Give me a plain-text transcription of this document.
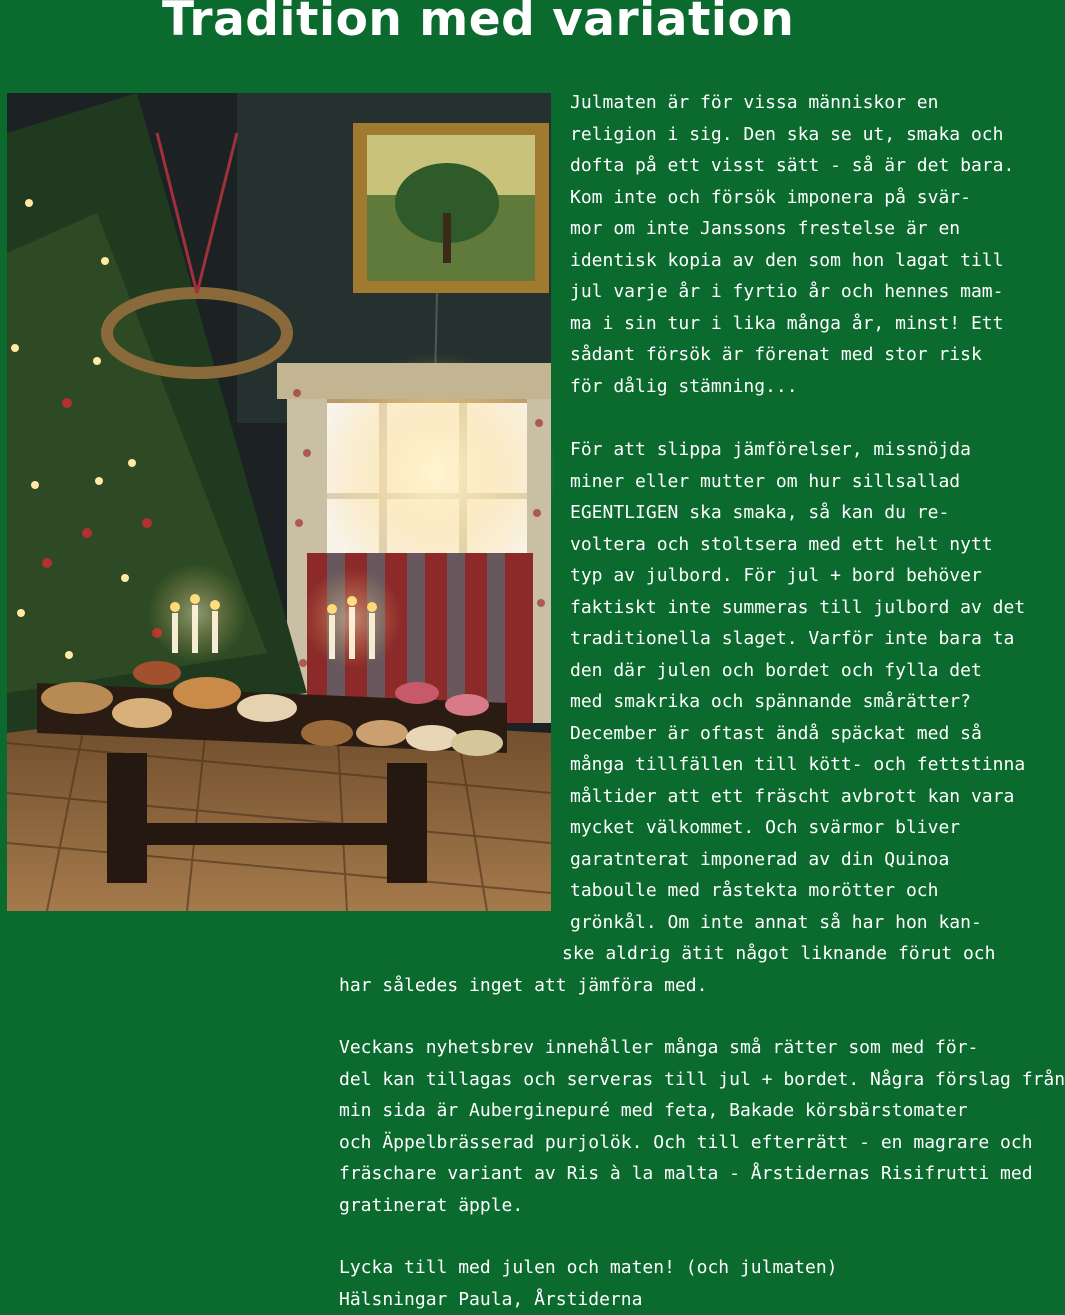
Tradition med variation
Julmaten är för vissa människor en
religion i sig. Den ska se ut, smaka och
dofta på ett visst sätt - så är det bara.
Kom inte och försök imponera på svär-
mor om inte Janssons frestelse är en
identisk kopia av den som hon lagat till
jul varje år i fyrtio år och hennes mam-
ma i sin tur i lika många år, minst! Ett
sådant försök är förenat med stor risk
för dålig stämning...
För att slippa jämförelser, missnöjda
miner eller mutter om hur sillsallad
EGENTLIGEN ska smaka, så kan du re-
voltera och stoltsera med ett helt nytt
typ av julbord. För jul + bord behöver
faktiskt inte summeras till julbord av det
traditionella slaget. Varför inte bara ta
den där julen och bordet och fylla det
med smakrika och spännande smårätter?
December är oftast ändå späckat med så
många tillfällen till kött- och fettstinna
måltider att ett fräscht avbrott kan vara
mycket välkommet. Och svärmor bliver
garatnterat imponerad av din Quinoa
taboulle med råstekta morötter och
grönkål. Om inte annat så har hon kan-
ske aldrig ätit något liknande förut och
har således inget att jämföra med.
Veckans nyhetsbrev innehåller många små rätter som med för-
del kan tillagas och serveras till jul + bordet. Några förslag från
min sida är Auberginepuré med feta, Bakade körsbärstomater
och Äppelbrässerad purjolök. Och till efterrätt - en magrare och
fräschare variant av Ris à la malta - Årstidernas Risifrutti med
gratinerat äpple.
Lycka till med julen och maten! (och julmaten)
Hälsningar Paula, Årstiderna
